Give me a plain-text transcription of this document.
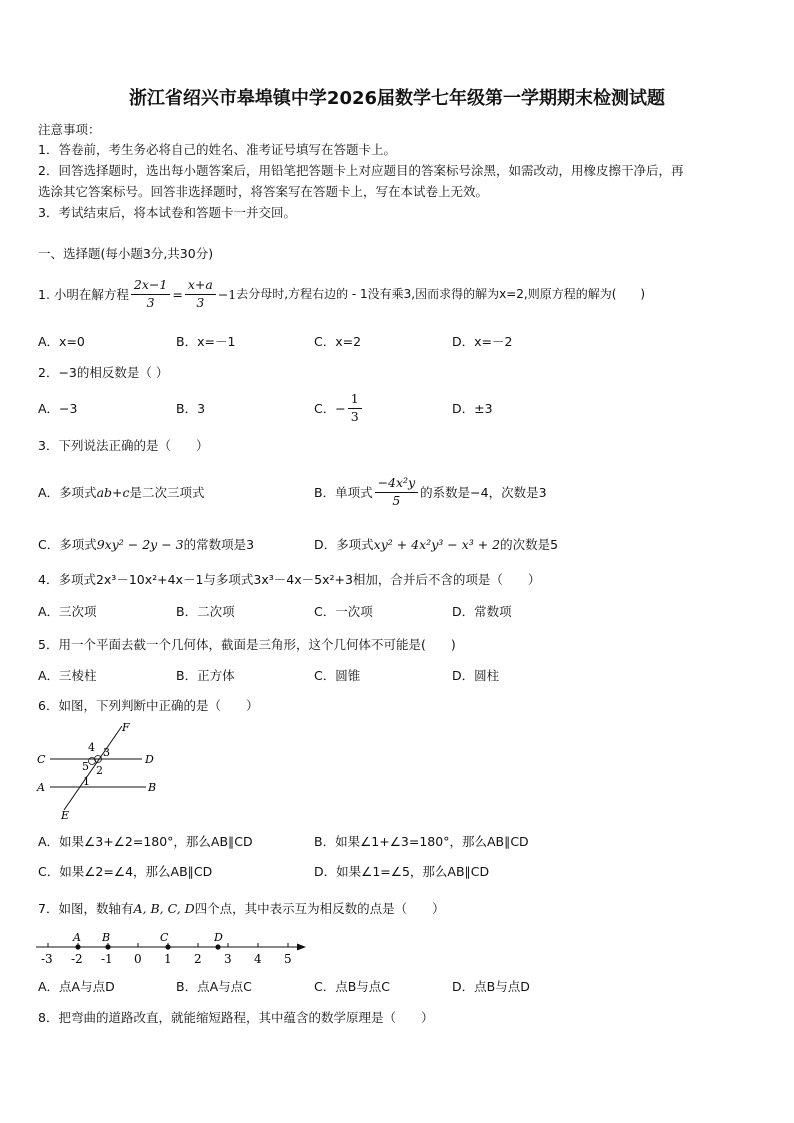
浙江省绍兴市皋埠镇中学2026届数学七年级第一学期期末检测试题
注意事项：
1．答卷前，考生务必将自己的姓名、准考证号填写在答题卡上。
2．回答选择题时，选出每小题答案后，用铅笔把答题卡上对应题目的答案标号涂黑，如需改动，用橡皮擦干净后，再
选涂其它答案标号。回答非选择题时，将答案写在答题卡上，写在本试卷上无效。
3．考试结束后，将本试卷和答题卡一并交回。
一、选择题(每小题3分,共30分)
1. 小明在解方程 $\frac{2x-1}{3} = \frac{x+a}{3} -1$ 去分母时,方程右边的 - 1没有乘3,因而求得的解为x=2,则原方程的解为(　　)
A．x=0	B．x=－1	C．x=2	D．x=－2
2．−3的相反数是（ ）
A．−3	B．3	C．− $\frac{1}{3}$	D．±3
3．下列说法正确的是（　　）
A．多项式ab+c是二次三项式	B．单项式 $\frac{\text{−4x²y}}{5}$ 的系数是−4，次数是3
C．多项式9xy² − 2y − 3的常数项是3	D．多项式xy² + 4x²y³ − x³ + 2的次数是5
4．多项式2x³－10x²+4x－1与多项式3x³－4x－5x²+3相加，合并后不含的项是（　　）
A．三次项	B．二次项	C．一次项	D．常数项
5．用一个平面去截一个几何体，截面是三角形，这个几何体不可能是(　　)
A．三棱柱	B．正方体	C．圆锥	D．圆柱
6．如图，下列判断中正确的是（　　）
F
C
4 3
D
5 2
1
A	B
E
A．如果∠3+∠2=180°，那么AB∥CD	B．如果∠1+∠3=180°，那么AB∥CD
C．如果∠2=∠4，那么AB∥CD	D．如果∠1=∠5，那么AB∥CD
7．如图，数轴有A, B, C, D四个点，其中表示互为相反数的点是（　　）
A B	C	D
-3 -2 -1 0 1 2 3 4 5
A．点A与点D	B．点A与点C	C．点B与点C	D．点B与点D
8．把弯曲的道路改直，就能缩短路程，其中蕴含的数学原理是（　　）
